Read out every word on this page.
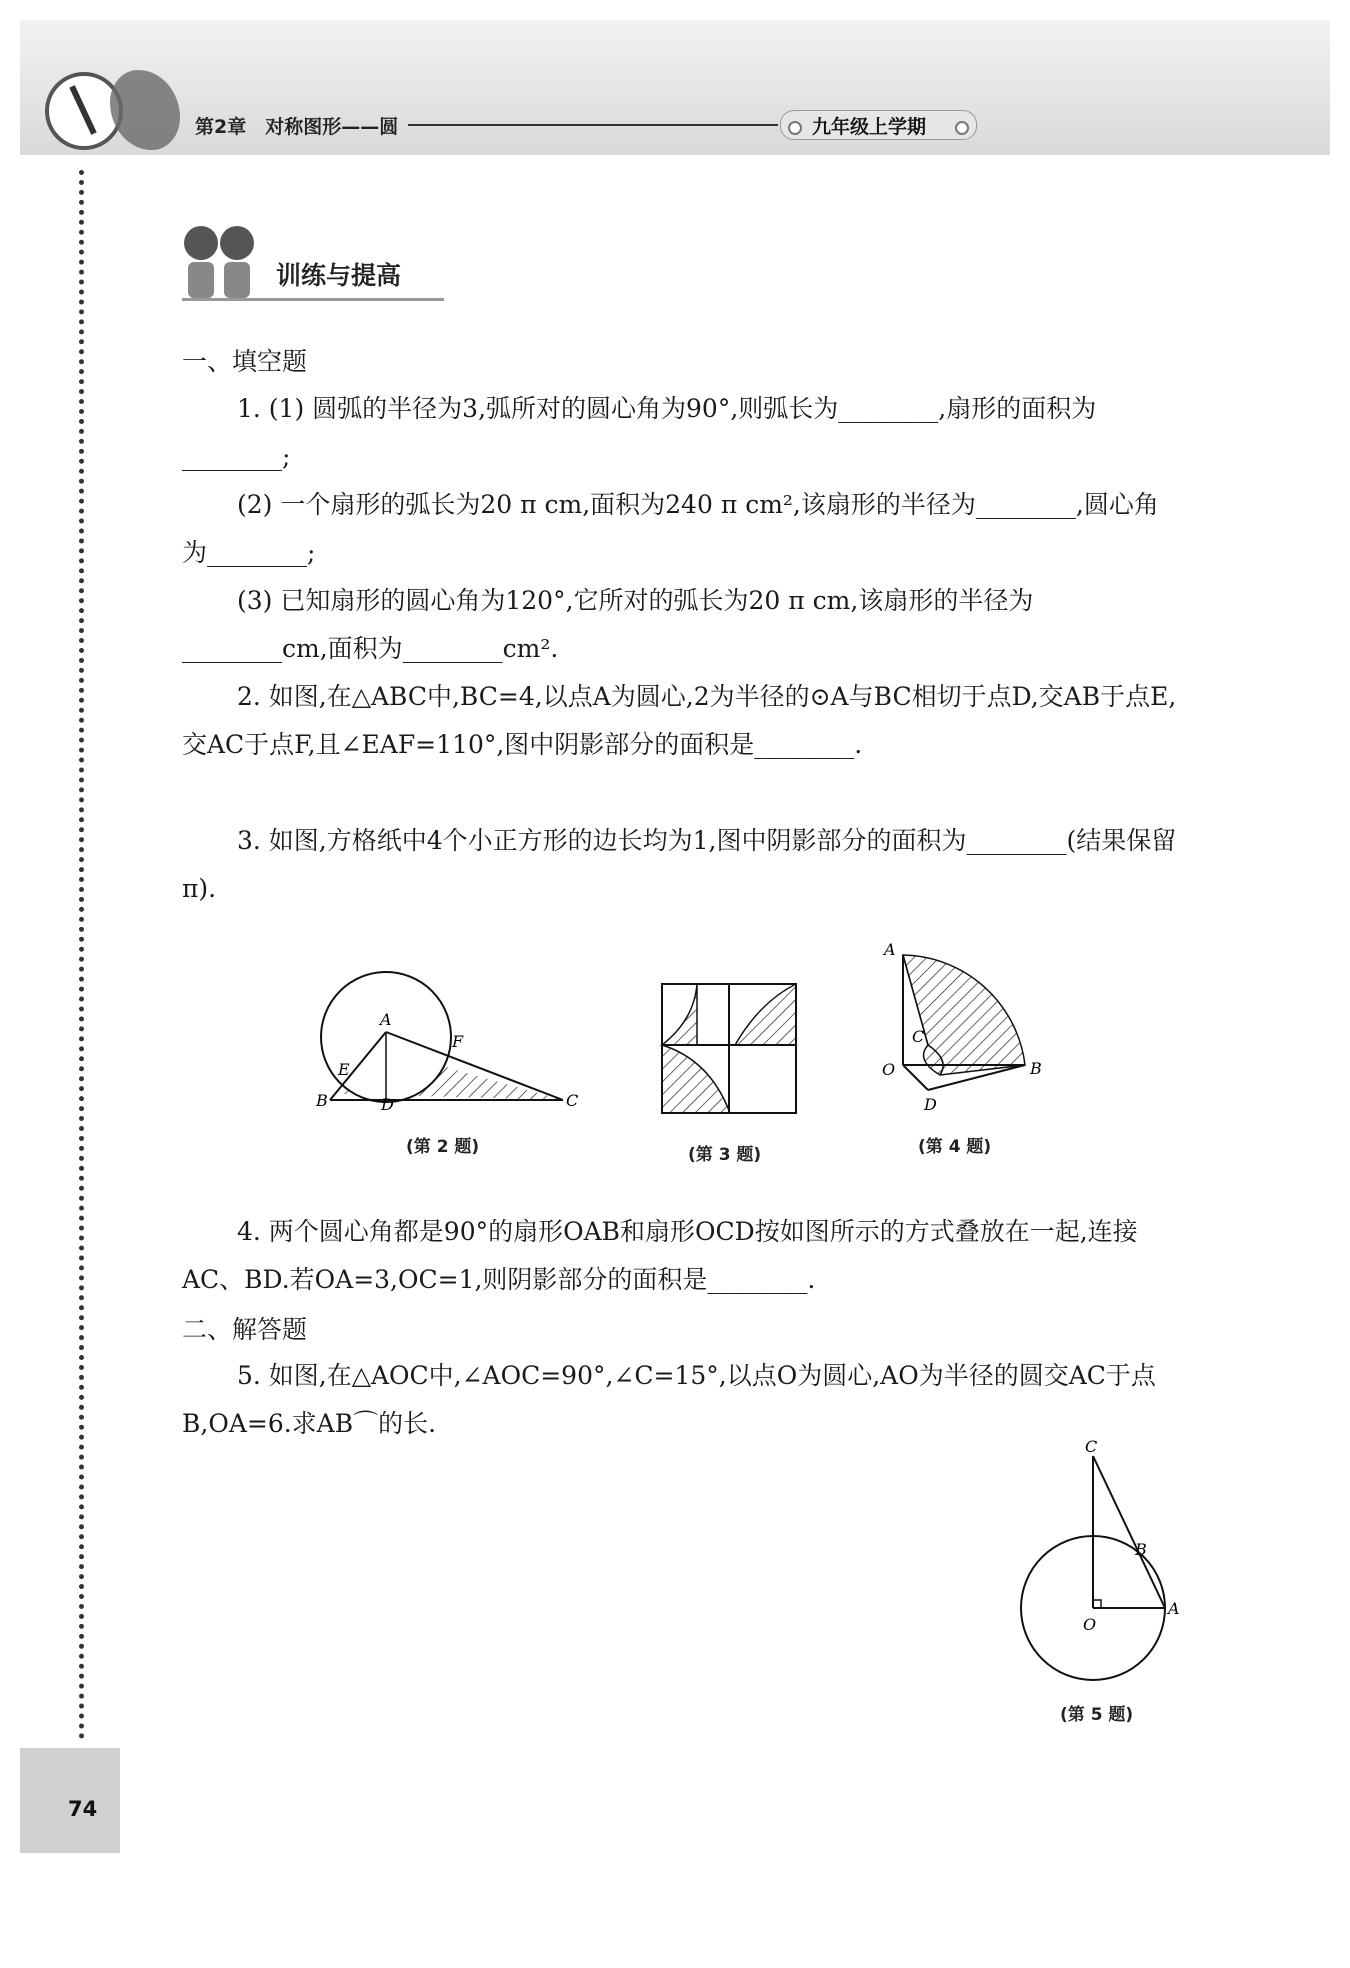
第2章　对称图形——圆	九年级上学期
训练与提高
一、填空题
1. (1) 圆弧的半径为3,弧所对的圆心角为90°,则弧长为________,扇形的面积为________;
(2) 一个扇形的弧长为20 π cm,面积为240 π cm²,该扇形的半径为________,圆心角为________;
(3) 已知扇形的圆心角为120°,它所对的弧长为20 π cm,该扇形的半径为________cm,面积为________cm².
2. 如图,在△ABC中,BC=4,以点A为圆心,2为半径的⊙A与BC相切于点D,交AB于点E,交AC于点F,且∠EAF=110°,图中阴影部分的面积是________.
3. 如图,方格纸中4个小正方形的边长均为1,图中阴影部分的面积为________(结果保留π).
A
B	C
D
E
F
A
B
C
D
O
A
B
C
O
(第 2 题)	(第 3 题)	(第 4 题)
(第 5 题)
4. 两个圆心角都是90°的扇形OAB和扇形OCD按如图所示的方式叠放在一起,连接AC、BD.若OA=3,OC=1,则阴影部分的面积是________.
二、解答题
5. 如图,在△AOC中,∠AOC=90°,∠C=15°,以点O为圆心,AO为半径的圆交AC于点B,OA=6.求AB⌒的长.
74
